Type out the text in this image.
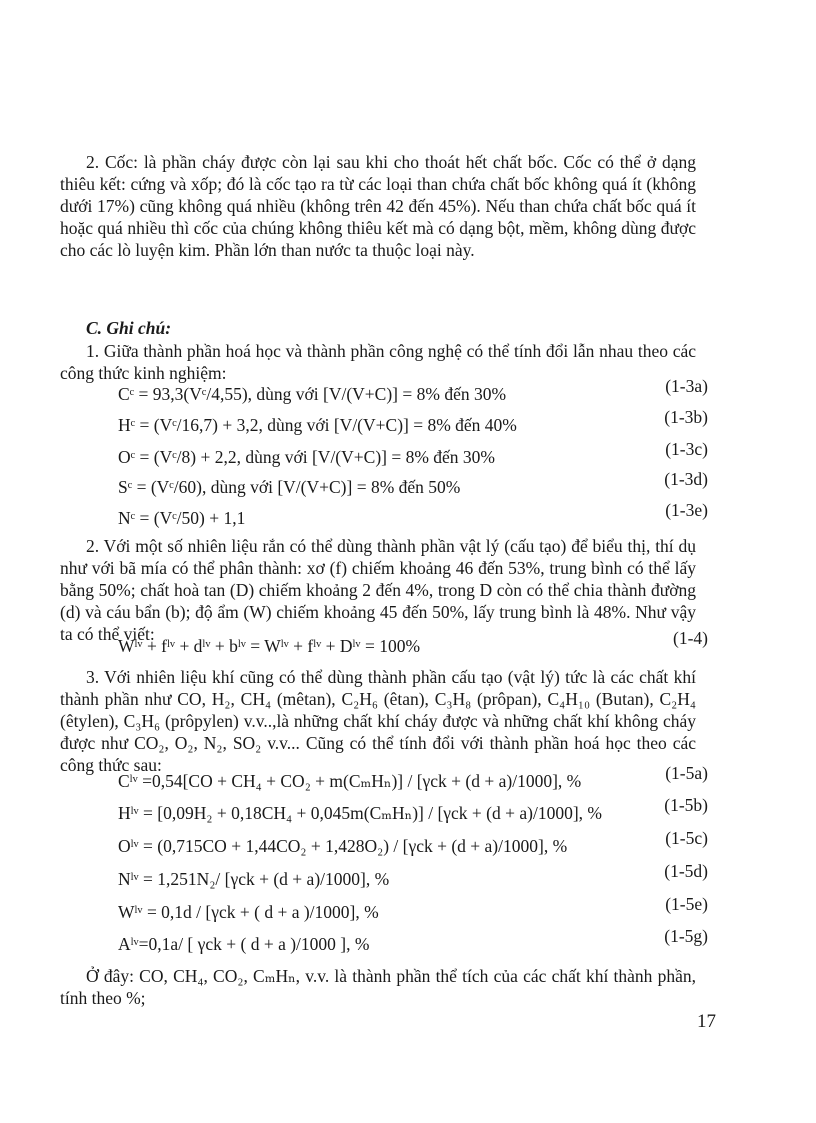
2. Cốc: là phần cháy được còn lại sau khi cho thoát hết chất bốc. Cốc có thể ở dạng thiêu kết: cứng và xốp; đó là cốc tạo ra từ các loại than chứa chất bốc không quá ít (không dưới 17%) cũng không quá nhiều (không trên 42 đến 45%). Nếu than chứa chất bốc quá ít hoặc quá nhiều thì cốc của chúng không thiêu kết mà có dạng bột, mềm, không dùng được cho các lò luyện kim. Phần lớn than nước ta thuộc loại này.

C. Ghi chú:

1. Giữa thành phần hoá học và thành phần công nghệ có thể tính đổi lẫn nhau theo các công thức kinh nghiệm:

Cᶜ = 93,3(Vᶜ/4,55), dùng với [V/(V+C)] = 8% đến 30%	(1-3a)
Hᶜ = (Vᶜ/16,7) + 3,2, dùng với [V/(V+C)] = 8% đến 40%	(1-3b)
Oᶜ = (Vᶜ/8) + 2,2, dùng với [V/(V+C)] = 8% đến 30%	(1-3c)
Sᶜ = (Vᶜ/60), dùng với [V/(V+C)] = 8% đến 50%	(1-3d)
Nᶜ = (Vᶜ/50) + 1,1	(1-3e)

2. Với một số nhiên liệu rắn có thể dùng thành phần vật lý (cấu tạo) để biểu thị, thí dụ như với bã mía có thể phân thành: xơ (f) chiếm khoảng 46 đến 53%, trung bình có thể lấy bằng 50%; chất hoà tan (D) chiếm khoảng 2 đến 4%, trong D còn có thể chia thành đường (d) và cáu bẩn (b); độ ẩm (W) chiếm khoảng 45 đến 50%, lấy trung bình là 48%. Như vậy ta có thể viết:

Wˡᵛ + fˡᵛ + dˡᵛ + bˡᵛ = Wˡᵛ + fˡᵛ + Dˡᵛ = 100%	(1-4)

3. Với nhiên liệu khí cũng có thể dùng thành phần cấu tạo (vật lý) tức là các chất khí thành phần như CO, H₂, CH₄ (mêtan), C₂H₆ (êtan), C₃H₈ (prôpan), C₄H₁₀ (Butan), C₂H₄ (êtylen), C₃H₆ (prôpylen) v.v..,là những chất khí cháy được và những chất khí không cháy được như CO₂, O₂, N₂, SO₂ v.v... Cũng có thể tính đổi với thành phần hoá học theo các công thức sau:

Cˡᵛ =0,54[CO + CH₄ + CO₂ + m(CₘHₙ)] / [γck + (d + a)/1000], %	(1-5a)
Hˡᵛ = [0,09H₂ + 0,18CH₄ + 0,045m(CₘHₙ)] / [γck + (d + a)/1000], %	(1-5b)
Oˡᵛ = (0,715CO + 1,44CO₂ + 1,428O₂) / [γck + (d + a)/1000], %	(1-5c)
Nˡᵛ = 1,251N₂/ [γck + (d + a)/1000], %	(1-5d)
Wˡᵛ = 0,1d / [γck + ( d + a )/1000], %	(1-5e)
Aˡᵛ=0,1a/ [ γck + ( d + a )/1000 ], %	(1-5g)

Ở đây: CO, CH₄, CO₂, CₘHₙ, v.v. là thành phần thể tích của các chất khí thành phần, tính theo %;

17
